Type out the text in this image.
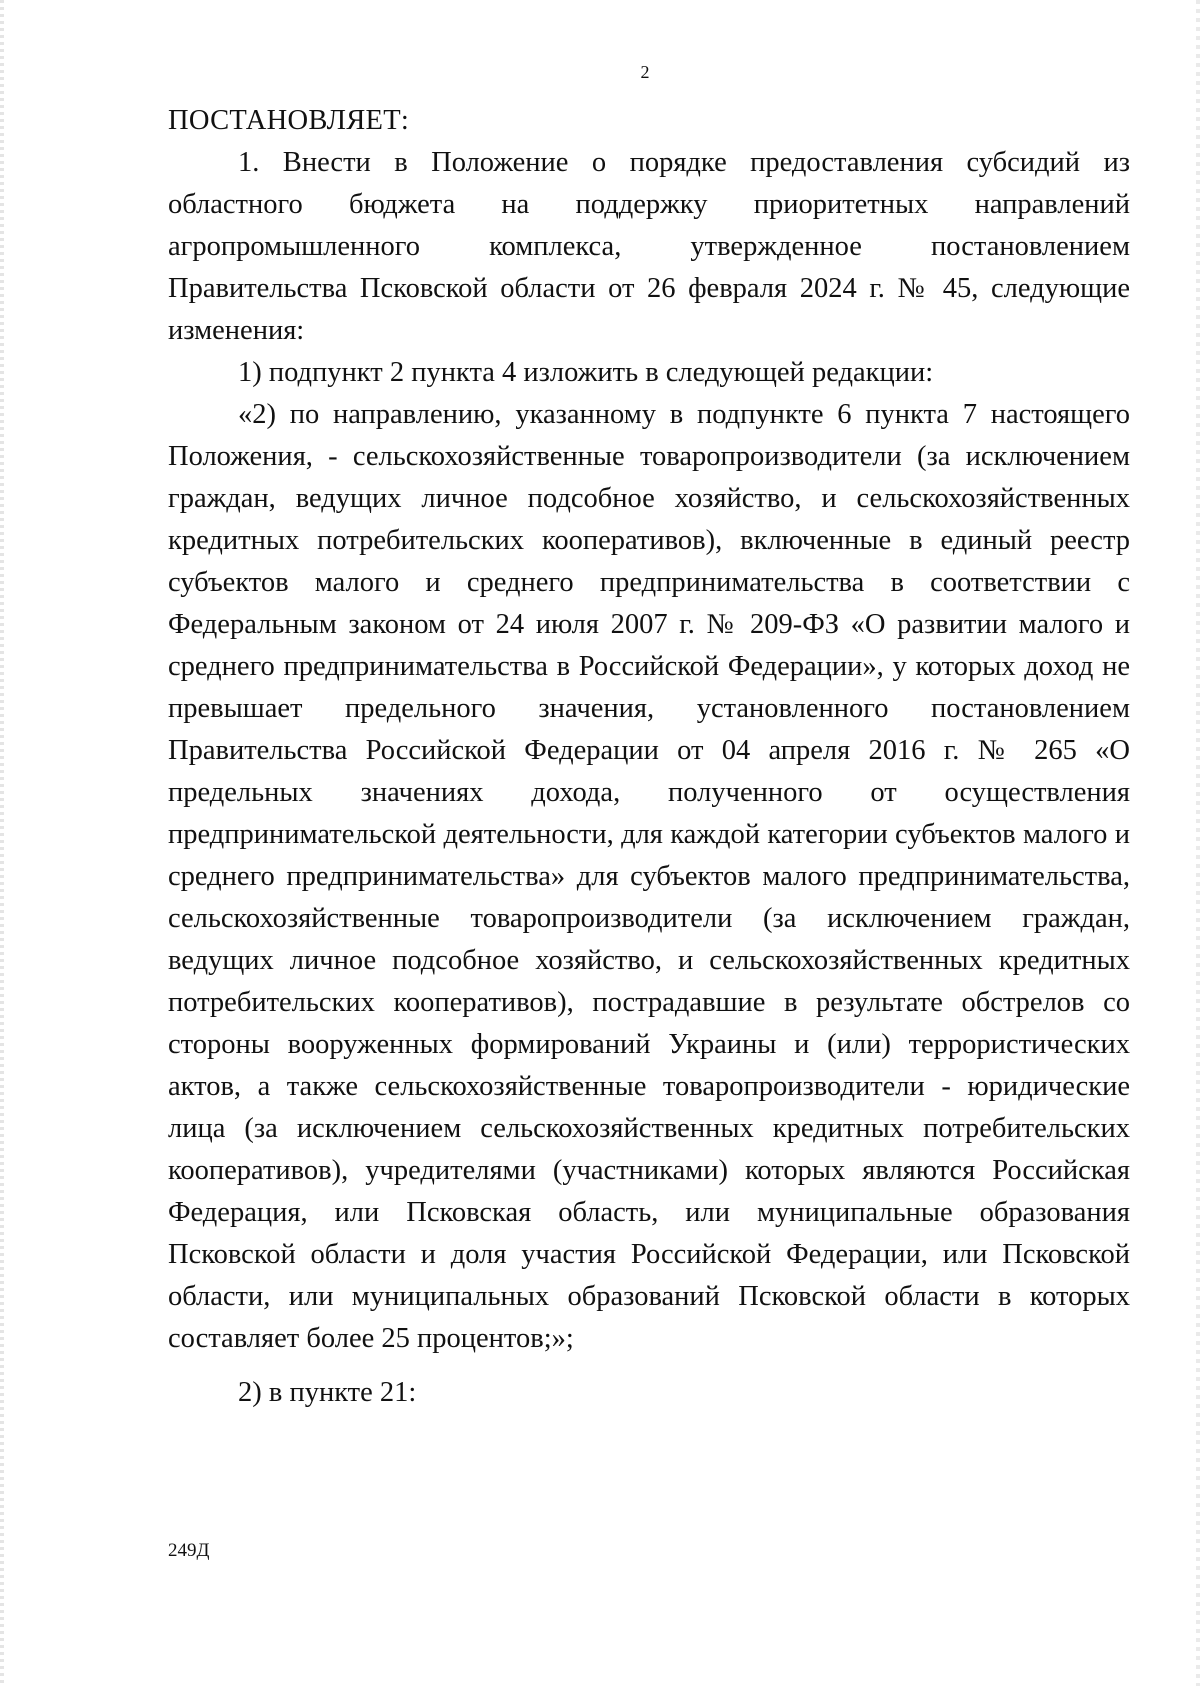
2

ПОСТАНОВЛЯЕТ:

1. Внести в Положение о порядке предоставления субсидий из областного бюджета на поддержку приоритетных направлений агропромышленного комплекса, утвержденное постановлением Правительства Псковской области от 26 февраля 2024 г. № 45, следующие изменения:

1) подпункт 2 пункта 4 изложить в следующей редакции:

«2) по направлению, указанному в подпункте 6 пункта 7 настоящего Положения, - сельскохозяйственные товаропроизводители (за исключением граждан, ведущих личное подсобное хозяйство, и сельскохозяйственных кредитных потребительских кооперативов), включенные в единый реестр субъектов малого и среднего предпринимательства в соответствии с Федеральным законом от 24 июля 2007 г. № 209-ФЗ «О развитии малого и среднего предпринимательства в Российской Федерации», у которых доход не превышает предельного значения, установленного постановлением Правительства Российской Федерации от 04 апреля 2016 г. № 265 «О предельных значениях дохода, полученного от осуществления предпринимательской деятельности, для каждой категории субъектов малого и среднего предпринимательства» для субъектов малого предпринимательства, сельскохозяйственные товаропроизводители (за исключением граждан, ведущих личное подсобное хозяйство, и сельскохозяйственных кредитных потребительских кооперативов), пострадавшие в результате обстрелов со стороны вооруженных формирований Украины и (или) террористических актов, а также сельскохозяйственные товаропроизводители - юридические лица (за исключением сельскохозяйственных кредитных потребительских кооперативов), учредителями (участниками) которых являются Российская Федерация, или Псковская область, или муниципальные образования Псковской области и доля участия Российской Федерации, или Псковской области, или муниципальных образований Псковской области в которых составляет более 25 процентов;»;

2) в пункте 21:

249Д
